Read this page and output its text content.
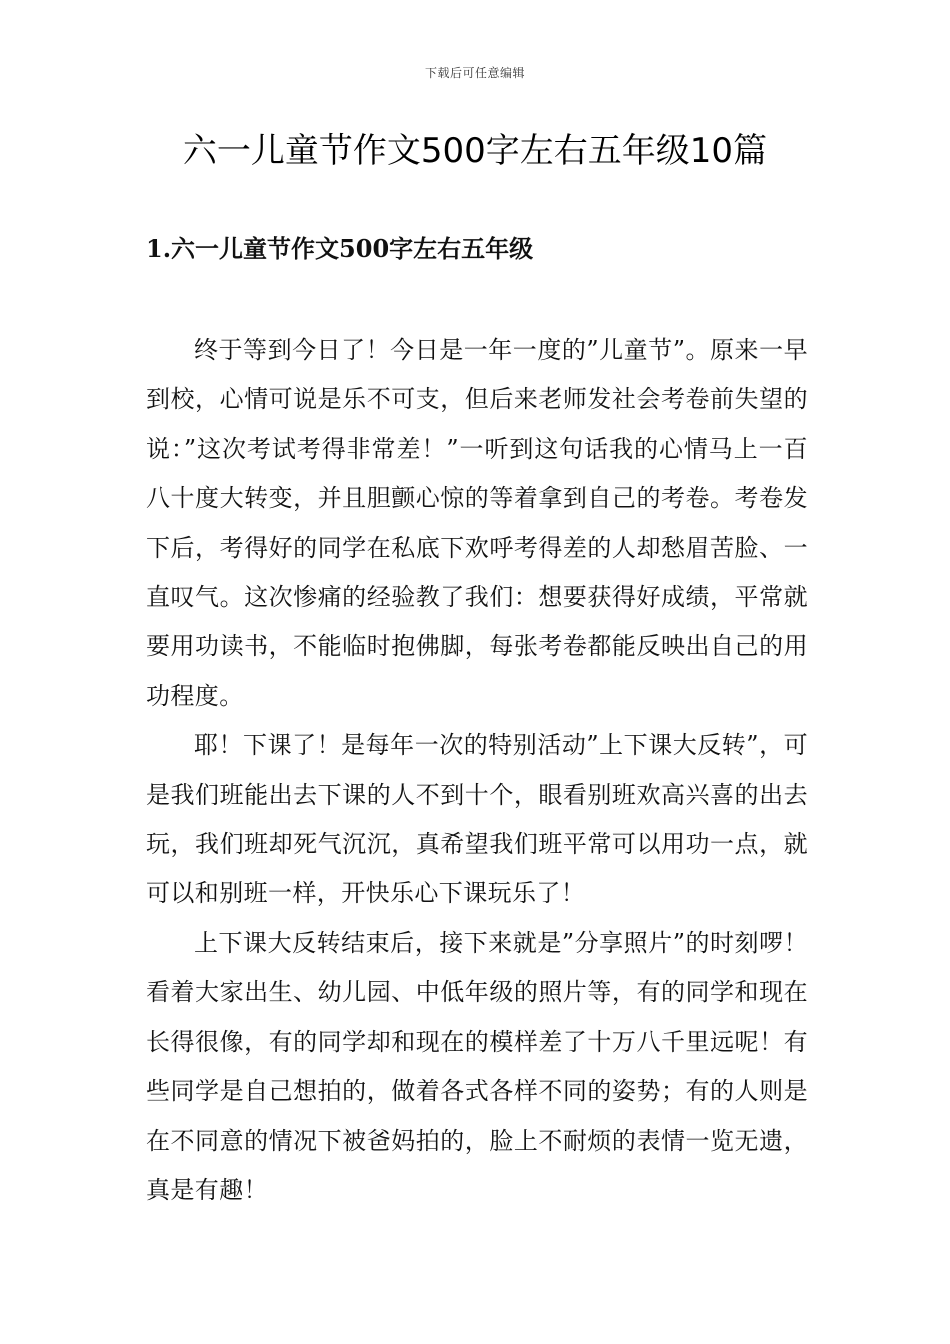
下载后可任意编辑
六一儿童节作文500字左右五年级10篇
1.六一儿童节作文500字左右五年级

终于等到今日了！今日是一年一度的”儿童节”。原来一早到校，心情可说是乐不可支，但后来老师发社会考卷前失望的说：”这次考试考得非常差！”一听到这句话我的心情马上一百八十度大转变，并且胆颤心惊的等着拿到自己的考卷。考卷发下后，考得好的同学在私底下欢呼考得差的人却愁眉苦脸、一直叹气。这次惨痛的经验教了我们：想要获得好成绩，平常就要用功读书，不能临时抱佛脚，每张考卷都能反映出自己的用功程度。

耶！下课了！是每年一次的特别活动”上下课大反转”，可是我们班能出去下课的人不到十个，眼看别班欢高兴喜的出去玩，我们班却死气沉沉，真希望我们班平常可以用功一点，就可以和别班一样，开快乐心下课玩乐了！

上下课大反转结束后，接下来就是”分享照片”的时刻啰！看着大家出生、幼儿园、中低年级的照片等，有的同学和现在长得很像，有的同学却和现在的模样差了十万八千里远呢！有些同学是自己想拍的，做着各式各样不同的姿势；有的人则是在不同意的情况下被爸妈拍的，脸上不耐烦的表情一览无遗，真是有趣！
